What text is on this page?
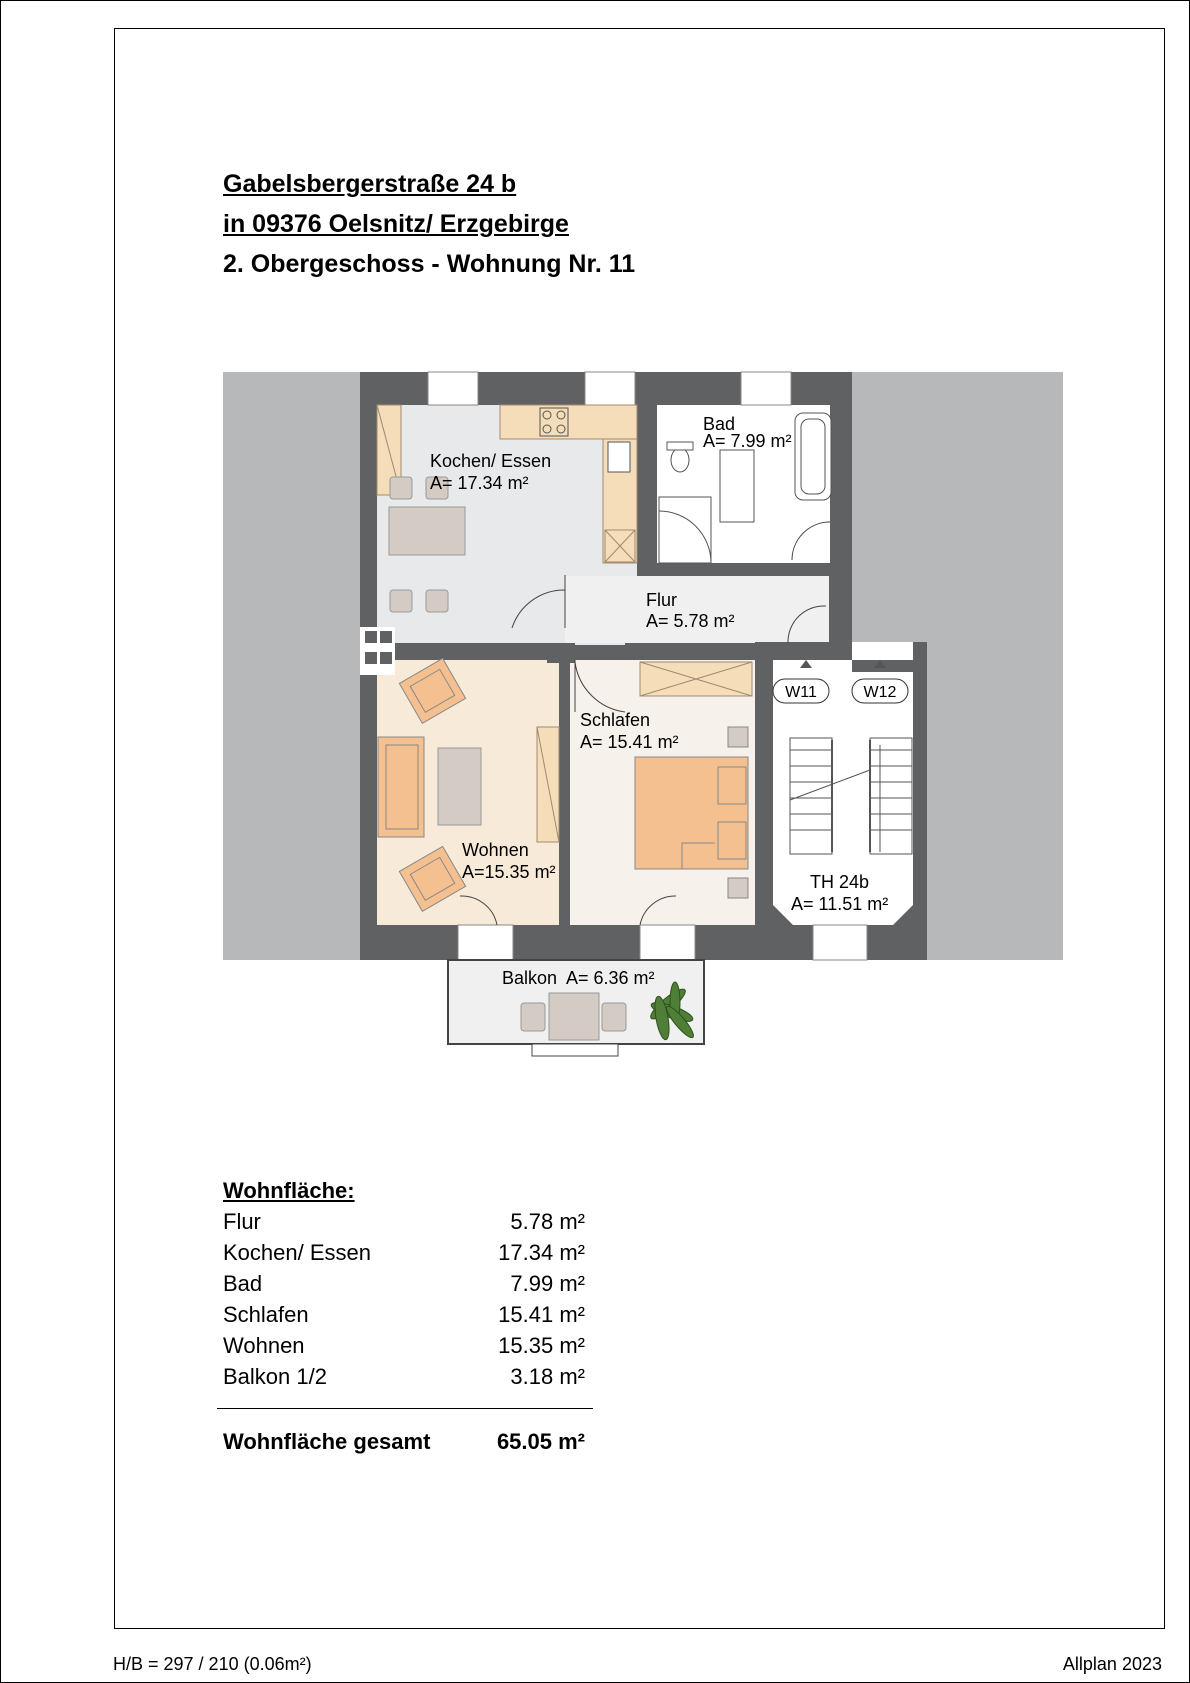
Gabelsbergerstraße 24 b
in 09376 Oelsnitz/ Erzgebirge
2. Obergeschoss - Wohnung Nr. 11
W11	W12
Kochen/ Essen
A= 17.34 m²
Bad
A= 7.99 m²
Flur
A= 5.78 m²
Schlafen
A= 15.41 m²
Wohnen
A=15.35 m²	TH 24b
A= 11.51 m²
Balkon A= 6.36 m²
Wohnfläche:
Flur	5.78 m²
Kochen/ Essen	17.34 m²
Bad	7.99 m²
Schlafen	15.41 m²
Wohnen	15.35 m²
Balkon 1/2	3.18 m²
Wohnfläche gesamt	65.05 m²
H/B = 297 / 210 (0.06m²)	Allplan 2023
